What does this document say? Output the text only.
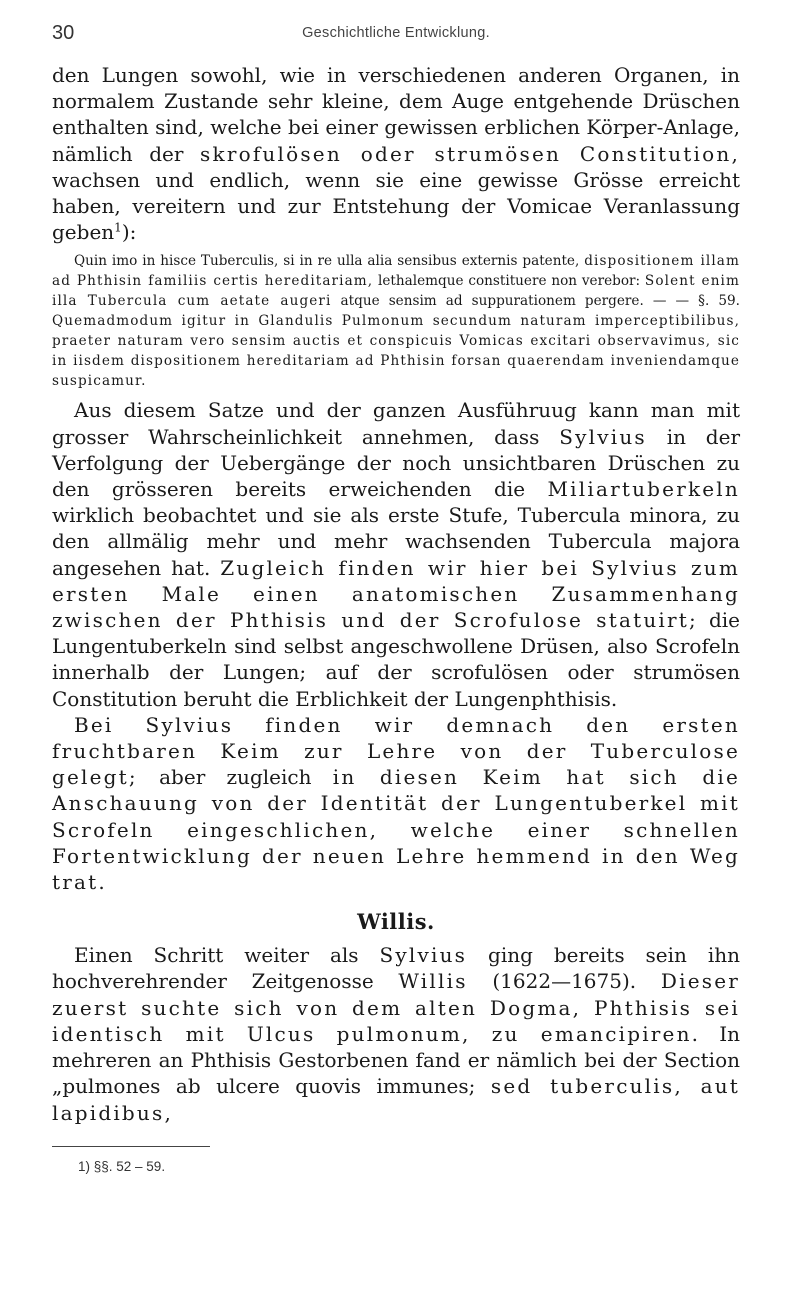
30	Geschichtliche Entwicklung.

den Lungen sowohl, wie in verschiedenen anderen Organen, in normalem Zustande sehr kleine, dem Auge entgehende Drüschen enthalten sind, welche bei einer gewissen erblichen Körper-Anlage, nämlich der skrofulösen oder strumösen Constitution, wachsen und endlich, wenn sie eine gewisse Grösse erreicht haben, vereitern und zur Entstehung der Vomicae Veranlassung geben$^1$):

Quin imo in hisce Tuberculis, si in re ulla alia sensibus externis patente, dispositionem illam ad Phthisin familiis certis hereditariam, lethalemque constituere non verebor: Solent enim illa Tubercula cum aetate augeri atque sensim ad suppurationem pergere. — — §. 59. Quemadmodum igitur in Glandulis Pulmonum secundum naturam imperceptibilibus, praeter naturam vero sensim auctis et conspicuis Vomicas excitari observavimus, sic in iisdem dispositionem hereditariam ad Phthisin forsan quaerendam inveniendamque suspicamur.

Aus diesem Satze und der ganzen Ausführuug kann man mit grosser Wahrscheinlichkeit annehmen, dass Sylvius in der Verfolgung der Uebergänge der noch unsichtbaren Drüschen zu den grösseren bereits erweichenden die Miliartuberkeln wirklich beobachtet und sie als erste Stufe, Tubercula minora, zu den allmälig mehr und mehr wachsenden Tubercula majora angesehen hat. Zugleich finden wir hier bei Sylvius zum ersten Male einen anatomischen Zusammenhang zwischen der Phthisis und der Scrofulose statuirt; die Lungentuberkeln sind selbst angeschwollene Drüsen, also Scrofeln innerhalb der Lungen; auf der scrofulösen oder strumösen Constitution beruht die Erblichkeit der Lungenphthisis.

Bei Sylvius finden wir demnach den ersten fruchtbaren Keim zur Lehre von der Tuberculose gelegt; aber zugleich in diesen Keim hat sich die Anschauung von der Identität der Lungentuberkel mit Scrofeln eingeschlichen, welche einer schnellen Fortentwicklung der neuen Lehre hemmend in den Weg trat.

Willis.

Einen Schritt weiter als Sylvius ging bereits sein ihn hochverehrender Zeitgenosse Willis (1622—1675). Dieser zuerst suchte sich von dem alten Dogma, Phthisis sei identisch mit Ulcus pulmonum, zu emancipiren. In mehreren an Phthisis Gestorbenen fand er nämlich bei der Section „pulmones ab ulcere quovis immunes; sed tuberculis, aut lapidibus,

1) §§. 52 – 59.
